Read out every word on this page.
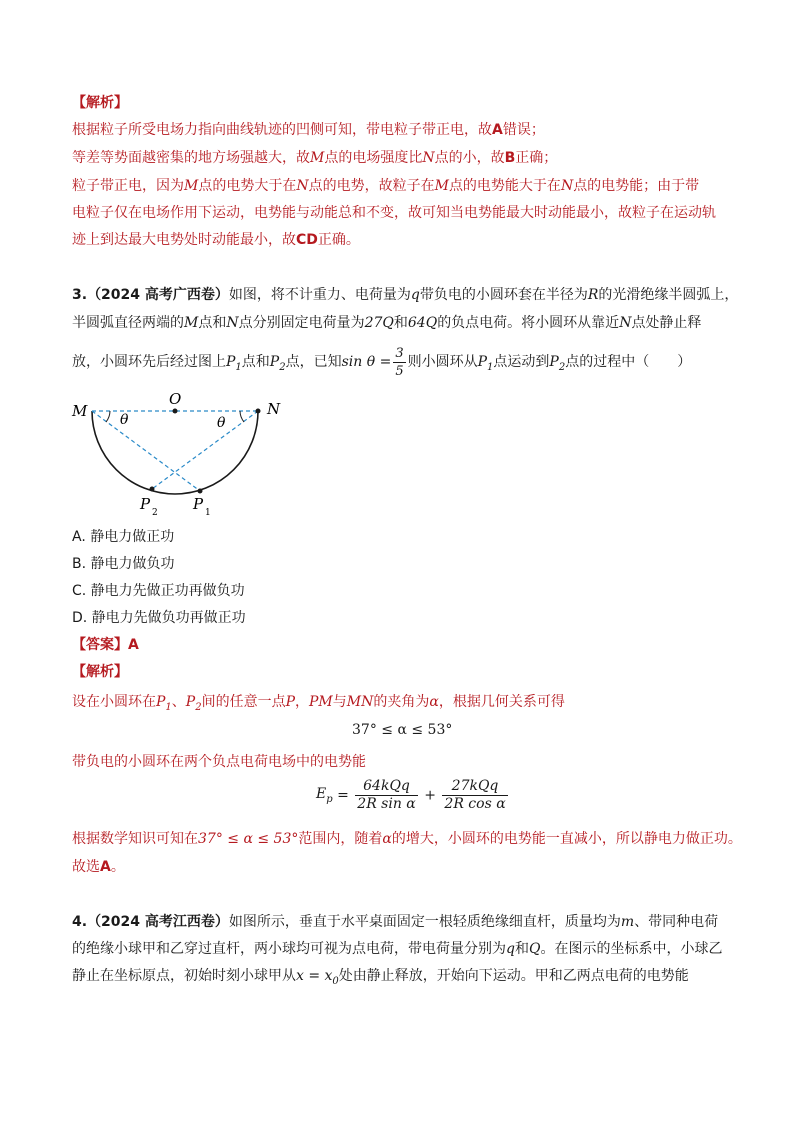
【解析】
根据粒子所受电场力指向曲线轨迹的凹侧可知，带电粒子带正电，故A错误；
等差等势面越密集的地方场强越大，故M点的电场强度比N点的小，故B正确；
粒子带正电，因为M点的电势大于在N点的电势，故粒子在M点的电势能大于在N点的电势能；由于带
电粒子仅在电场作用下运动，电势能与动能总和不变，故可知当电势能最大时动能最小，故粒子在运动轨
迹上到达最大电势处时动能最小，故CD正确。
3.（2024 高考广西卷）如图，将不计重力、电荷量为q带负电的小圆环套在半径为R的光滑绝缘半圆弧上，
半圆弧直径两端的M点和N点分别固定电荷量为27Q和64Q的负点电荷。将小圆环从靠近N点处静止释
放，小圆环先后经过图上$P_1$点和$P_2$点，已知$\sin \theta = \frac{3}{5}$ 则小圆环从$P_1$点运动到$P_2$点的过程中（　　）
M
O
N
θ	θ
P 2 P 1
A. 静电力做正功
B. 静电力做负功
C. 静电力先做正功再做负功
D. 静电力先做负功再做正功
【答案】A
【解析】
设在小圆环在$P_1$、$P_2$间的任意一点P，PM与MN的夹角为α，根据几何关系可得
37° ≤ α ≤ 53°
带负电的小圆环在两个负点电荷电场中的电势能
$E_p = \frac{\text{64kQq}}{\text{2R sin α}} + \frac{\text{27kQq}}{\text{2R cos α}}$
根据数学知识可知在37° ≤ α ≤ 53°范围内，随着α的增大，小圆环的电势能一直减小，所以静电力做正功。
故选A。
4.（2024 高考江西卷）如图所示，垂直于水平桌面固定一根轻质绝缘细直杆，质量均为m、带同种电荷
的绝缘小球甲和乙穿过直杆，两小球均可视为点电荷，带电荷量分别为q和Q。在图示的坐标系中，小球乙
静止在坐标原点，初始时刻小球甲从$x = x_0$处由静止释放，开始向下运动。甲和乙两点电荷的电势能
